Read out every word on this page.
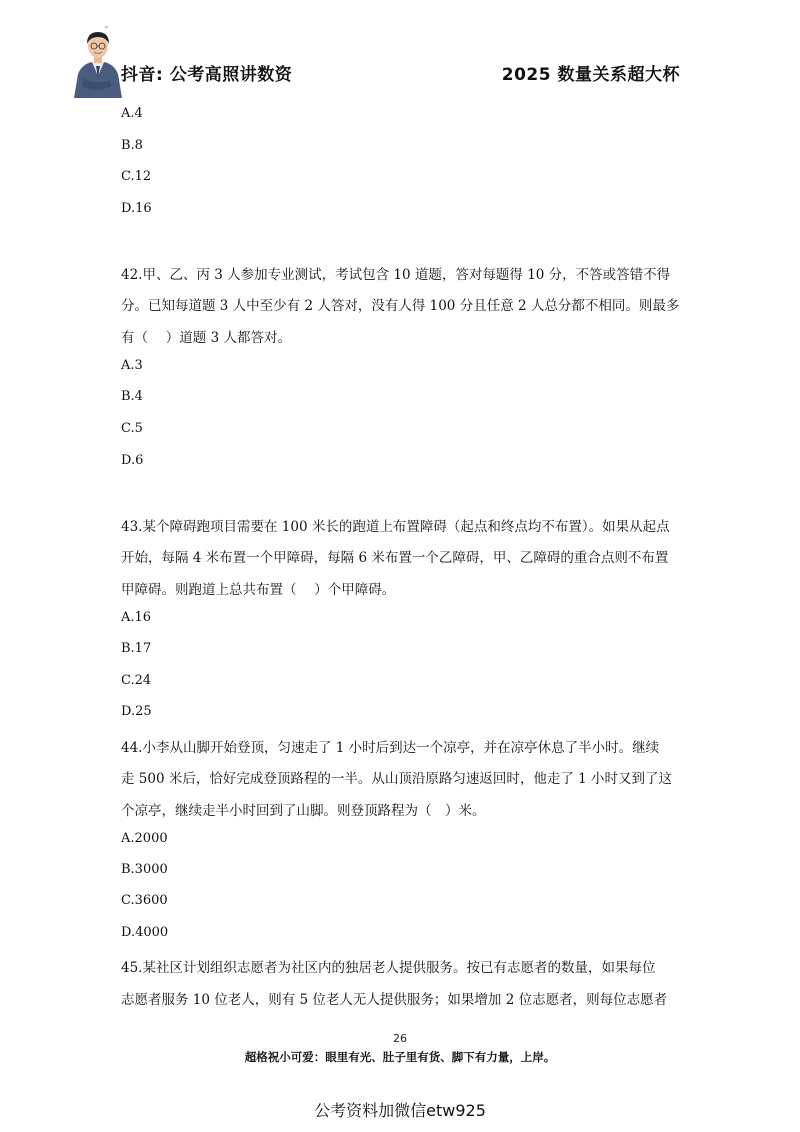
™
抖音: 公考高照讲数资	2025 数量关系超大杯
A.4
B.8
C.12
D.16
42.甲、乙、丙 3 人参加专业测试，考试包含 10 道题，答对每题得 10 分，不答或答错不得
分。已知每道题 3 人中至少有 2 人答对，没有人得 100 分且任意 2 人总分都不相同。则最多
有（　 ）道题 3 人都答对。
A.3
B.4
C.5
D.6
43.某个障碍跑项目需要在 100 米长的跑道上布置障碍（起点和终点均不布置）。如果从起点
开始，每隔 4 米布置一个甲障碍，每隔 6 米布置一个乙障碍，甲、乙障碍的重合点则不布置
甲障碍。则跑道上总共布置（　 ）个甲障碍。
A.16
B.17
C.24
D.25
44.小李从山脚开始登顶，匀速走了 1 小时后到达一个凉亭，并在凉亭休息了半小时。继续
走 500 米后，恰好完成登顶路程的一半。从山顶沿原路匀速返回时，他走了 1 小时又到了这
个凉亭，继续走半小时回到了山脚。则登顶路程为（　）米。
A.2000
B.3000
C.3600
D.4000
45.某社区计划组织志愿者为社区内的独居老人提供服务。按已有志愿者的数量，如果每位
志愿者服务 10 位老人，则有 5 位老人无人提供服务；如果增加 2 位志愿者，则每位志愿者
26
超格祝小可爱：眼里有光、肚子里有货、脚下有力量，上岸。
公考资料加微信etw925
